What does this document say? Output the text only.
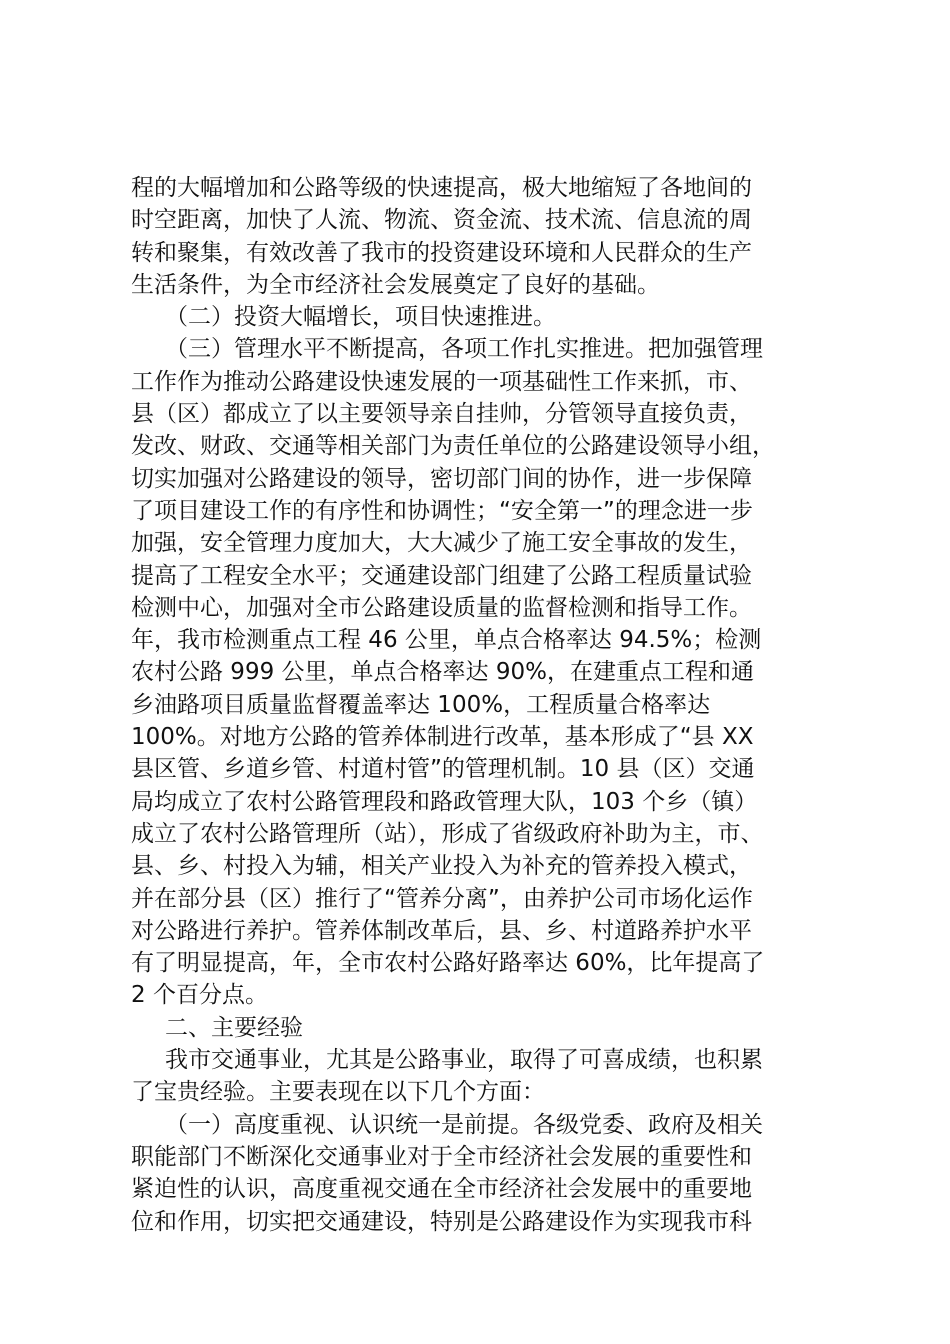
程的大幅增加和公路等级的快速提高，极大地缩短了各地间的
时空距离，加快了人流、物流、资金流、技术流、信息流的周
转和聚集，有效改善了我市的投资建设环境和人民群众的生产
生活条件，为全市经济社会发展奠定了良好的基础。
（二）投资大幅增长，项目快速推进。
（三）管理水平不断提高，各项工作扎实推进。把加强管理
工作作为推动公路建设快速发展的一项基础性工作来抓，市、
县（区）都成立了以主要领导亲自挂帅，分管领导直接负责，
发改、财政、交通等相关部门为责任单位的公路建设领导小组，
切实加强对公路建设的领导，密切部门间的协作，进一步保障
了项目建设工作的有序性和协调性；“安全第一”的理念进一步
加强，安全管理力度加大，大大减少了施工安全事故的发生，
提高了工程安全水平；交通建设部门组建了公路工程质量试验
检测中心，加强对全市公路建设质量的监督检测和指导工作。
年，我市检测重点工程 46 公里，单点合格率达 94.5%；检测
农村公路 999 公里，单点合格率达 90%，在建重点工程和通
乡油路项目质量监督覆盖率达 100%，工程质量合格率达
100%。对地方公路的管养体制进行改革，基本形成了“县 XX
县区管、乡道乡管、村道村管”的管理机制。10 县（区）交通
局均成立了农村公路管理段和路政管理大队，103 个乡（镇）
成立了农村公路管理所（站），形成了省级政府补助为主，市、
县、乡、村投入为辅，相关产业投入为补充的管养投入模式，
并在部分县（区）推行了“管养分离”，由养护公司市场化运作
对公路进行养护。管养体制改革后，县、乡、村道路养护水平
有了明显提高，年，全市农村公路好路率达 60%，比年提高了
2 个百分点。
二、主要经验
我市交通事业，尤其是公路事业，取得了可喜成绩，也积累
了宝贵经验。主要表现在以下几个方面：
（一）高度重视、认识统一是前提。各级党委、政府及相关
职能部门不断深化交通事业对于全市经济社会发展的重要性和
紧迫性的认识，高度重视交通在全市经济社会发展中的重要地
位和作用，切实把交通建设，特别是公路建设作为实现我市科
